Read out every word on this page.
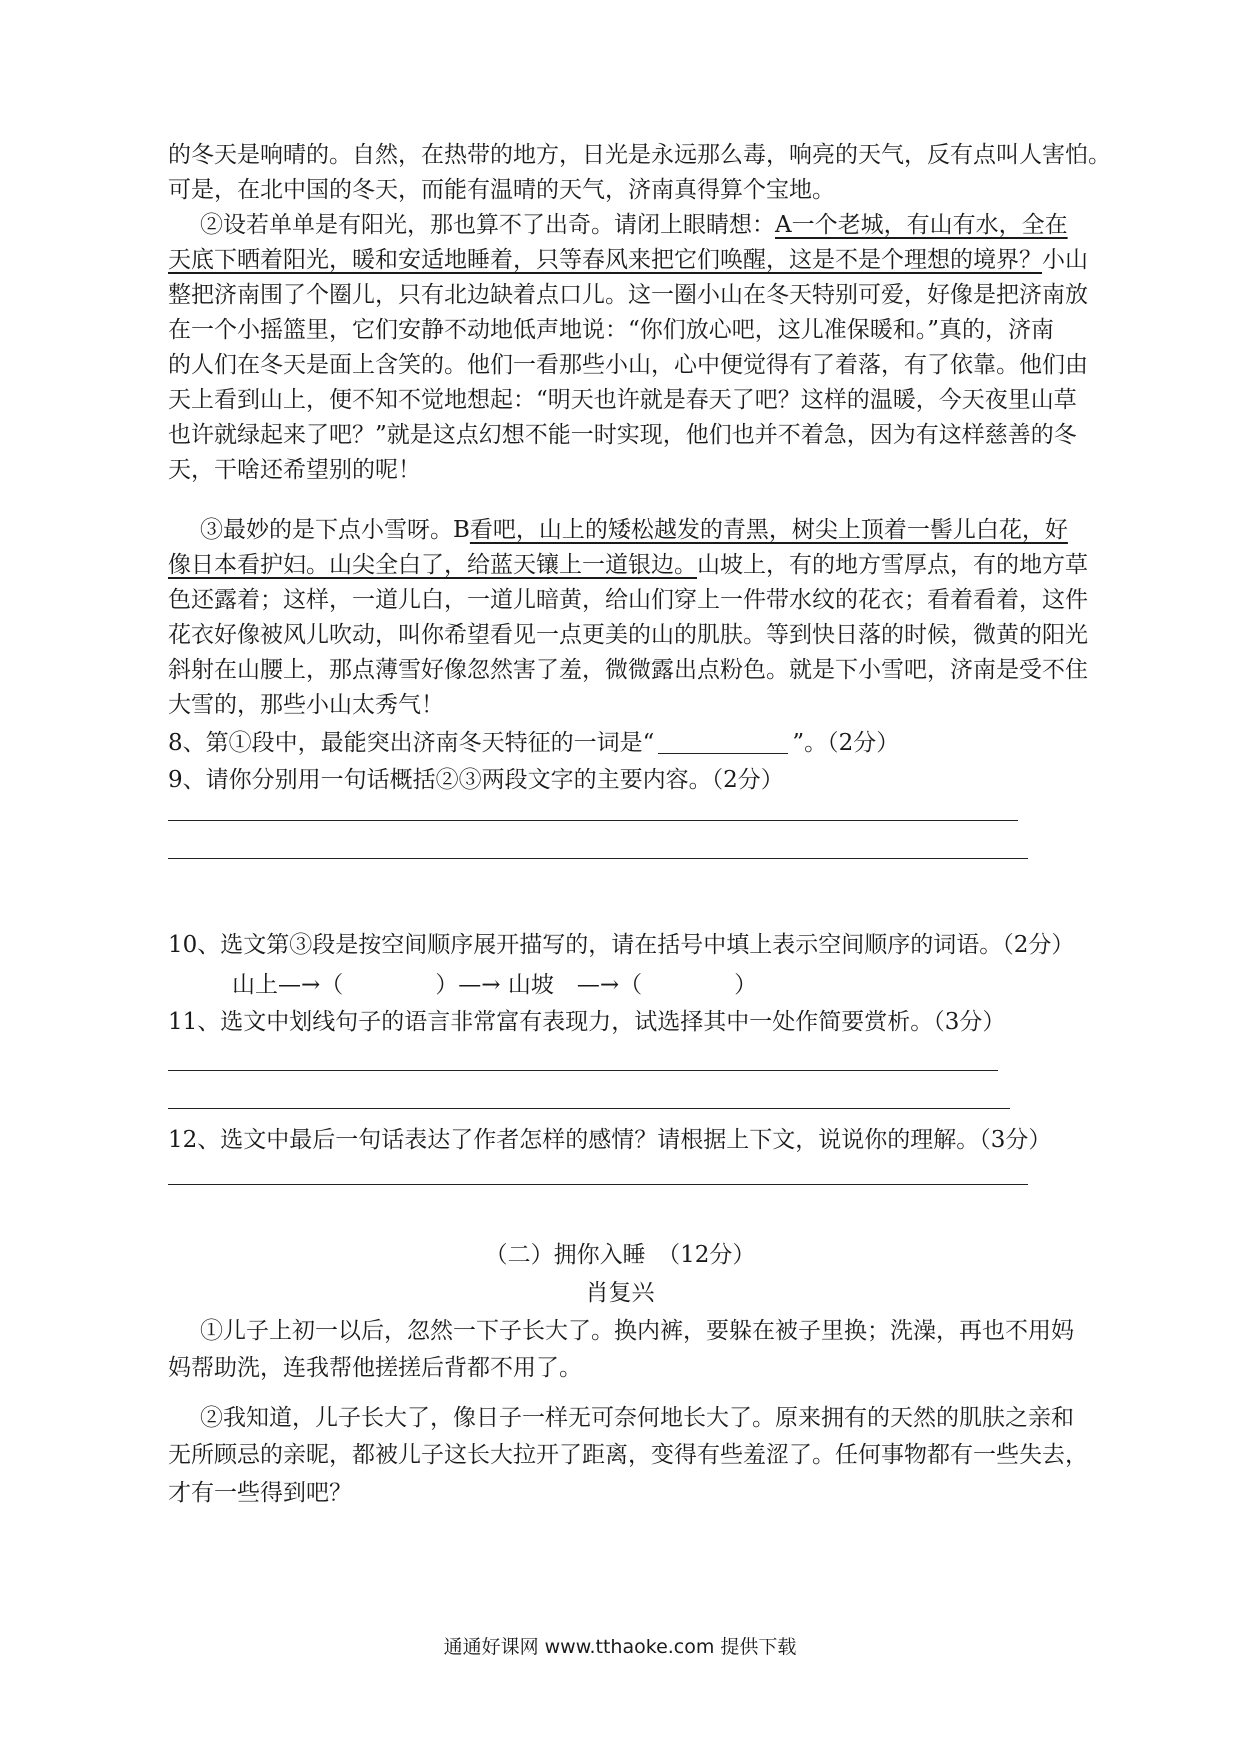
的冬天是响晴的。自然，在热带的地方，日光是永远那么毒，响亮的天气，反有点叫人害怕。
可是，在北中国的冬天，而能有温晴的天气，济南真得算个宝地。
②设若单单是有阳光，那也算不了出奇。请闭上眼睛想：A一个老城，有山有水，全在
天底下晒着阳光，暖和安适地睡着，只等春风来把它们唤醒，这是不是个理想的境界？小山
整把济南围了个圈儿，只有北边缺着点口儿。这一圈小山在冬天特别可爱，好像是把济南放
在一个小摇篮里，它们安静不动地低声地说：“你们放心吧，这儿准保暖和。”真的，济南
的人们在冬天是面上含笑的。他们一看那些小山，心中便觉得有了着落，有了依靠。他们由
天上看到山上，便不知不觉地想起：“明天也许就是春天了吧？这样的温暖，今天夜里山草
也许就绿起来了吧？”就是这点幻想不能一时实现，他们也并不着急，因为有这样慈善的冬
天，干啥还希望别的呢！
③最妙的是下点小雪呀。B看吧，山上的矮松越发的青黑，树尖上顶着一髻儿白花，好
像日本看护妇。山尖全白了，给蓝天镶上一道银边。山坡上，有的地方雪厚点，有的地方草
色还露着；这样，一道儿白，一道儿暗黄，给山们穿上一件带水纹的花衣；看着看着，这件
花衣好像被风儿吹动，叫你希望看见一点更美的山的肌肤。等到快日落的时候，微黄的阳光
斜射在山腰上，那点薄雪好像忽然害了羞，微微露出点粉色。就是下小雪吧，济南是受不住
大雪的，那些小山太秀气！
8、第①段中，最能突出济南冬天特征的一词是“	”。（2分）
9、请你分别用一句话概括②③两段文字的主要内容。（2分）
10、选文第③段是按空间顺序展开描写的，请在括号中填上表示空间顺序的词语。（2分）
山上—→（　　　　）—→ 山坡　—→（　　　　）
11、选文中划线句子的语言非常富有表现力，试选择其中一处作简要赏析。（3分）
12、选文中最后一句话表达了作者怎样的感情？请根据上下文，说说你的理解。（3分）
（二）拥你入睡　（12分）
肖复兴
①儿子上初一以后，忽然一下子长大了。换内裤，要躲在被子里换；洗澡，再也不用妈
妈帮助洗，连我帮他搓搓后背都不用了。
②我知道，儿子长大了，像日子一样无可奈何地长大了。原来拥有的天然的肌肤之亲和
无所顾忌的亲昵，都被儿子这长大拉开了距离，变得有些羞涩了。任何事物都有一些失去，
才有一些得到吧？
通通好课网 www.tthaoke.com 提供下载
